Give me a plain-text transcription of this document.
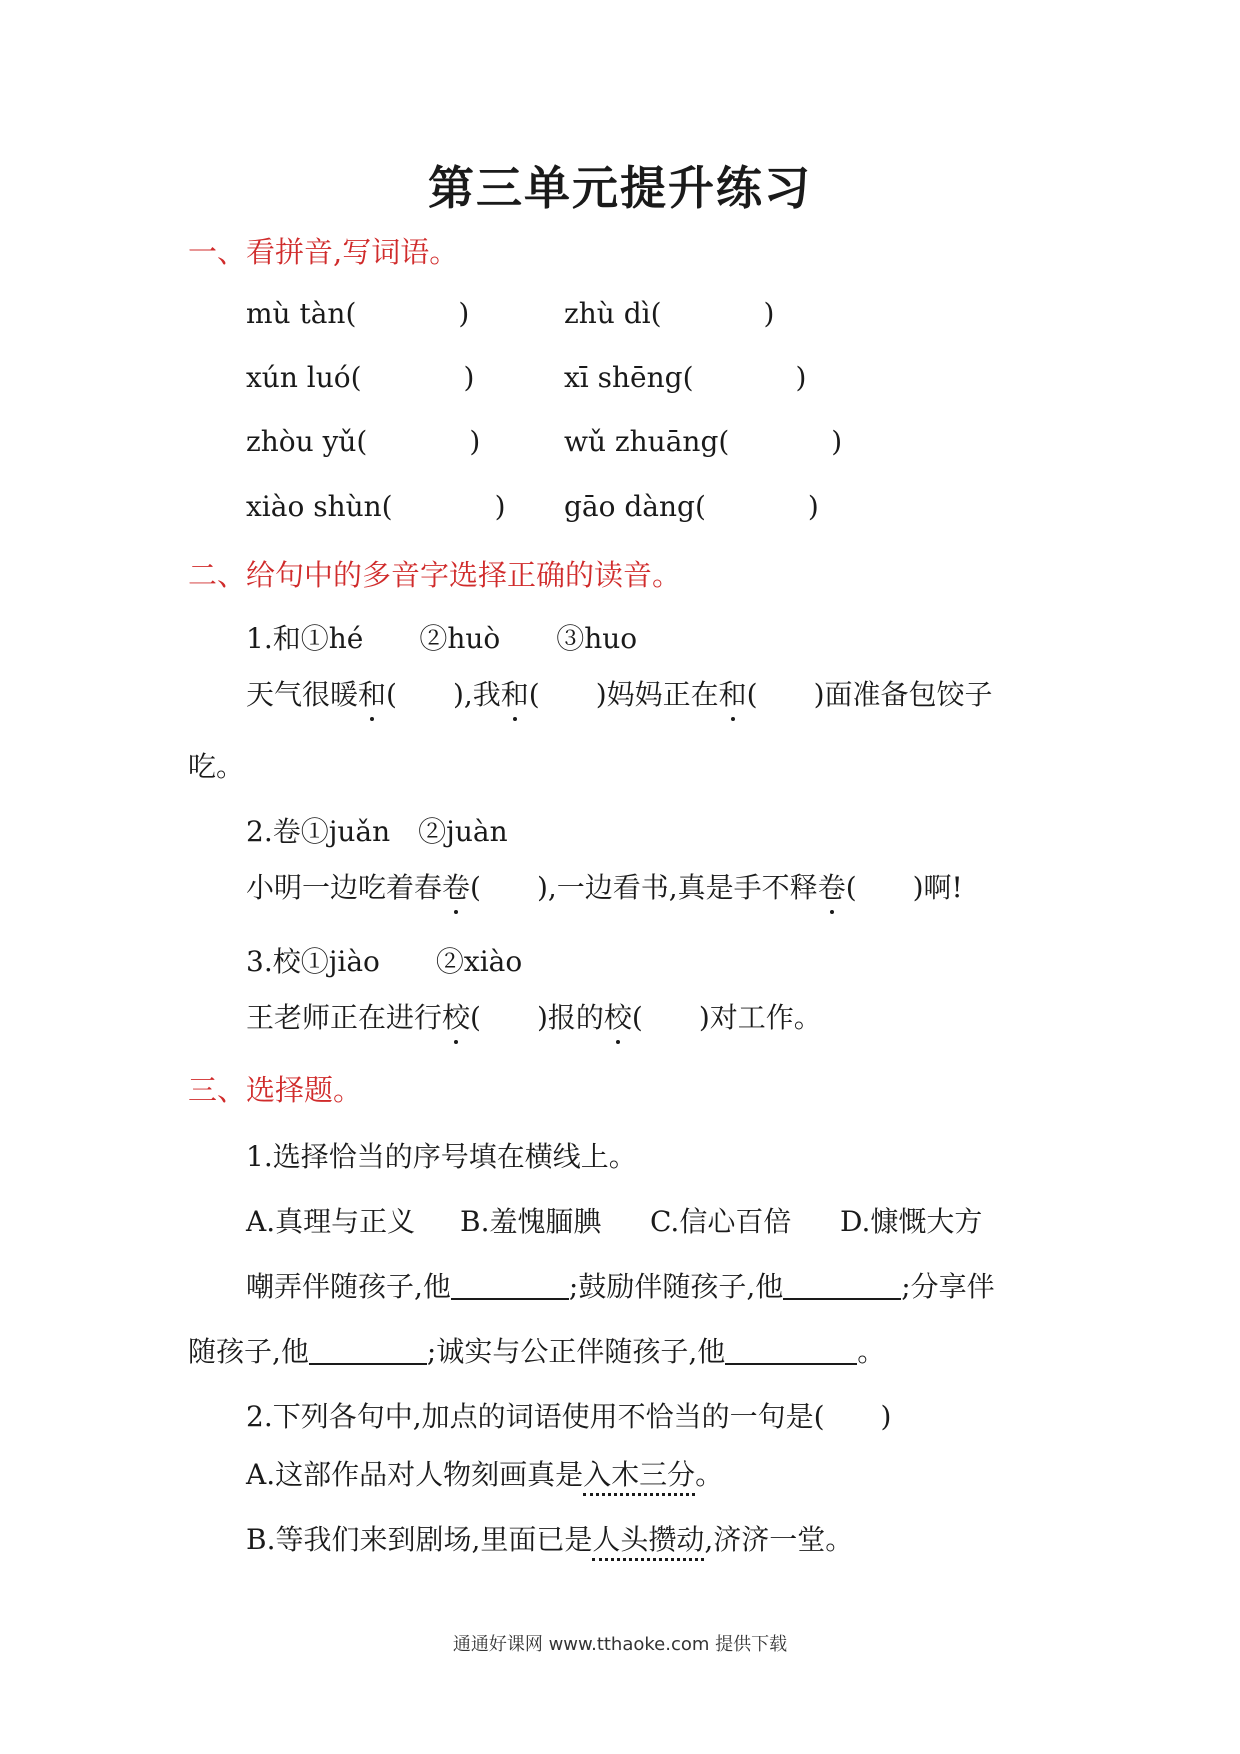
第三单元提升练习
一、看拼音,写词语。
mù tàn(	)	zhù dì(	)
xún luó(	)	xī shēng(	)
zhòu yǔ(	)	wǔ zhuāng(	)
xiào shùn(	) gāo dàng(	)
二、给句中的多音字选择正确的读音。
1.和①hé　　②huò　　③huo
天气很暖和(　　),我和(　　)妈妈正在和(　　)面准备包饺子
吃。
2.卷①juǎn　②juàn
小明一边吃着春卷(　　),一边看书,真是手不释卷(　　)啊!
3.校①jiào　　②xiào
王老师正在进行校(　　)报的校(　　)对工作。
三、选择题。
1.选择恰当的序号填在横线上。
A.真理与正义 B.羞愧腼腆 C.信心百倍 D.慷慨大方
嘲弄伴随孩子,他	;鼓励伴随孩子,他	;分享伴
随孩子,他	;诚实与公正伴随孩子,他	。
2.下列各句中,加点的词语使用不恰当的一句是(　　)
A.这部作品对人物刻画真是入木三分。
B.等我们来到剧场,里面已是人头攒动,济济一堂。
通通好课网 www.tthaoke.com 提供下载
